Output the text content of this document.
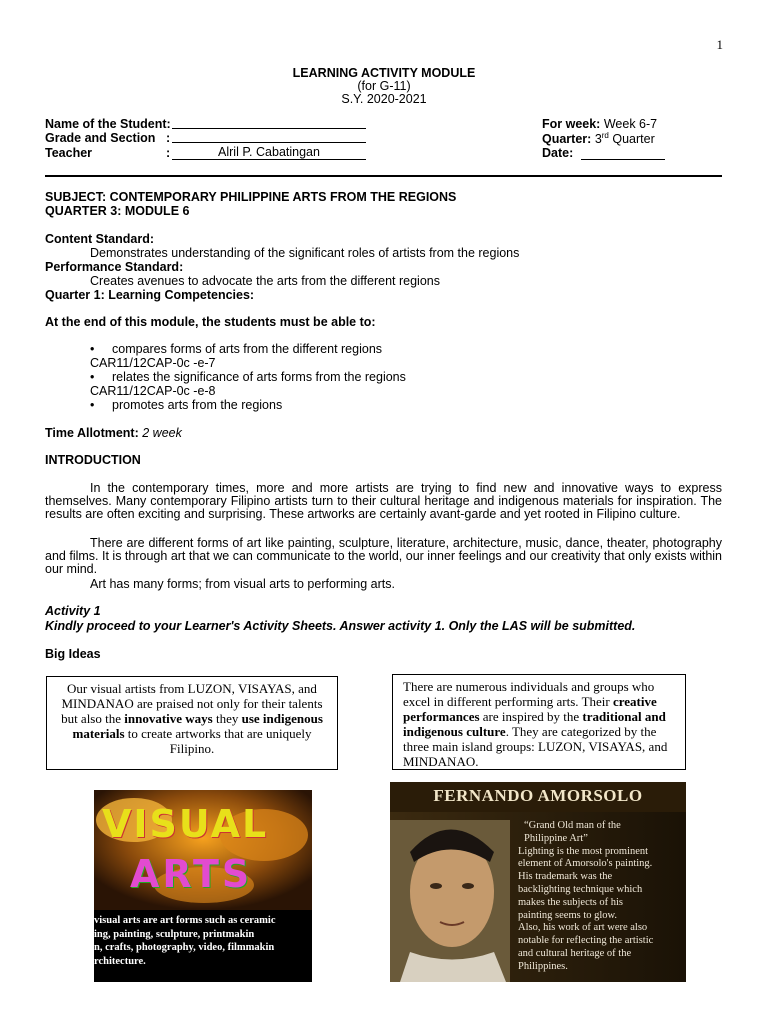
1
LEARNING ACTIVITY MODULE
(for G-11)
S.Y. 2020-2021
Name of the Student:
Grade and Section :
Teacher	:	Alril P. Cabatingan
For week: Week 6-7
Quarter: 3rd Quarter
Date:
SUBJECT: CONTEMPORARY PHILIPPINE ARTS FROM THE REGIONS
QUARTER 3: MODULE 6
Content Standard:
Demonstrates understanding of the significant roles of artists from the regions
Performance Standard:
Creates avenues to advocate the arts from the different regions
Quarter 1: Learning Competencies:
At the end of this module, the students must be able to:
• compares forms of arts from the different regions
CAR11/12CAP-0c -e-7
• relates the significance of arts forms from the regions
CAR11/12CAP-0c -e-8
• promotes arts from the regions
Time Allotment: 2 week
INTRODUCTION
In the contemporary times, more and more artists are trying to find new and innovative ways to express themselves. Many contemporary Filipino artists turn to their cultural heritage and indigenous materials for inspiration. The results are often exciting and surprising. These artworks are certainly avant-garde and yet rooted in Filipino culture.
There are different forms of art like painting, sculpture, literature, architecture, music, dance, theater, photography and films. It is through art that we can communicate to the world, our inner feelings and our creativity that only exists within our mind.
Art has many forms; from visual arts to performing arts.
Activity 1
Kindly proceed to your Learner's Activity Sheets. Answer activity 1. Only the LAS will be submitted.
Big Ideas
Our visual artists from LUZON, VISAYAS, and MINDANAO are praised not only for their talents but also the innovative ways they use indigenous materials to create artworks that are uniquely Filipino.
There are numerous individuals and groups who excel in different performing arts. Their creative performances are inspired by the traditional and indigenous culture. They are categorized by the three main island groups: LUZON, VISAYAS, and MINDANAO.
VISUAL
ARTS
visual arts are art forms such as ceramic
ing, painting, sculpture, printmakin
n, crafts, photography, video, filmmakin
rchitecture.
FERNANDO AMORSOLO
“Grand Old man of the
Philippine Art”
Lighting is the most prominent
element of Amorsolo's painting.
His trademark was the
backlighting technique which
makes the subjects of his
painting seems to glow.
Also, his work of art were also
notable for reflecting the artistic
and cultural heritage of the
Philippines.
